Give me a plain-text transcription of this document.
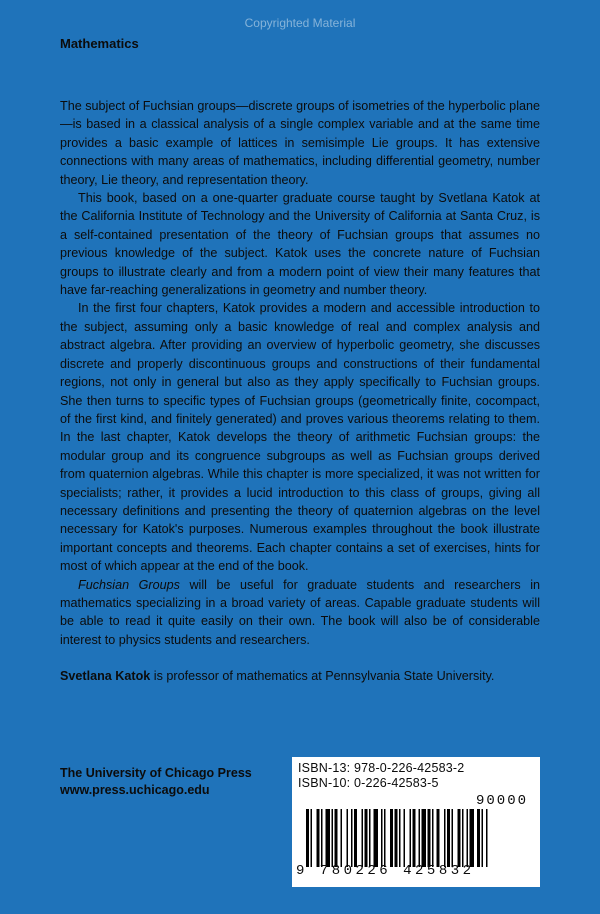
Copyrighted Material
Mathematics

The subject of Fuchsian groups—discrete groups of isometries of the hyperbolic plane—is based in a classical analysis of a single complex variable and at the same time provides a basic example of lattices in semisimple Lie groups. It has extensive connections with many areas of mathematics, including differential geometry, number theory, Lie theory, and representation theory.

This book, based on a one-quarter graduate course taught by Svetlana Katok at the California Institute of Technology and the University of California at Santa Cruz, is a self-contained presentation of the theory of Fuchsian groups that assumes no previous knowledge of the subject. Katok uses the concrete nature of Fuchsian groups to illustrate clearly and from a modern point of view their many features that have far-reaching generalizations in geometry and number theory.

In the first four chapters, Katok provides a modern and accessible introduction to the subject, assuming only a basic knowledge of real and complex analysis and abstract algebra. After providing an overview of hyperbolic geometry, she discusses discrete and properly discontinuous groups and constructions of their fundamental regions, not only in general but also as they apply specifically to Fuchsian groups. She then turns to specific types of Fuchsian groups (geometrically finite, cocompact, of the first kind, and finitely generated) and proves various theorems relating to them. In the last chapter, Katok develops the theory of arithmetic Fuchsian groups: the modular group and its congruence subgroups as well as Fuchsian groups derived from quaternion algebras. While this chapter is more specialized, it was not written for specialists; rather, it provides a lucid introduction to this class of groups, giving all necessary definitions and presenting the theory of quaternion algebras on the level necessary for Katok's purposes. Numerous examples throughout the book illustrate important concepts and theorems. Each chapter contains a set of exercises, hints for most of which appear at the end of the book.

Fuchsian Groups will be useful for graduate students and researchers in mathematics specializing in a broad variety of areas. Capable graduate students will be able to read it quite easily on their own. The book will also be of considerable interest to physics students and researchers.

Svetlana Katok is professor of mathematics at Pennsylvania State University.

The University of Chicago Press
www.press.uchicago.edu
ISBN-13: 978-0-226-42583-2
ISBN-10: 0-226-42583-5
90000
9 780226 425832
